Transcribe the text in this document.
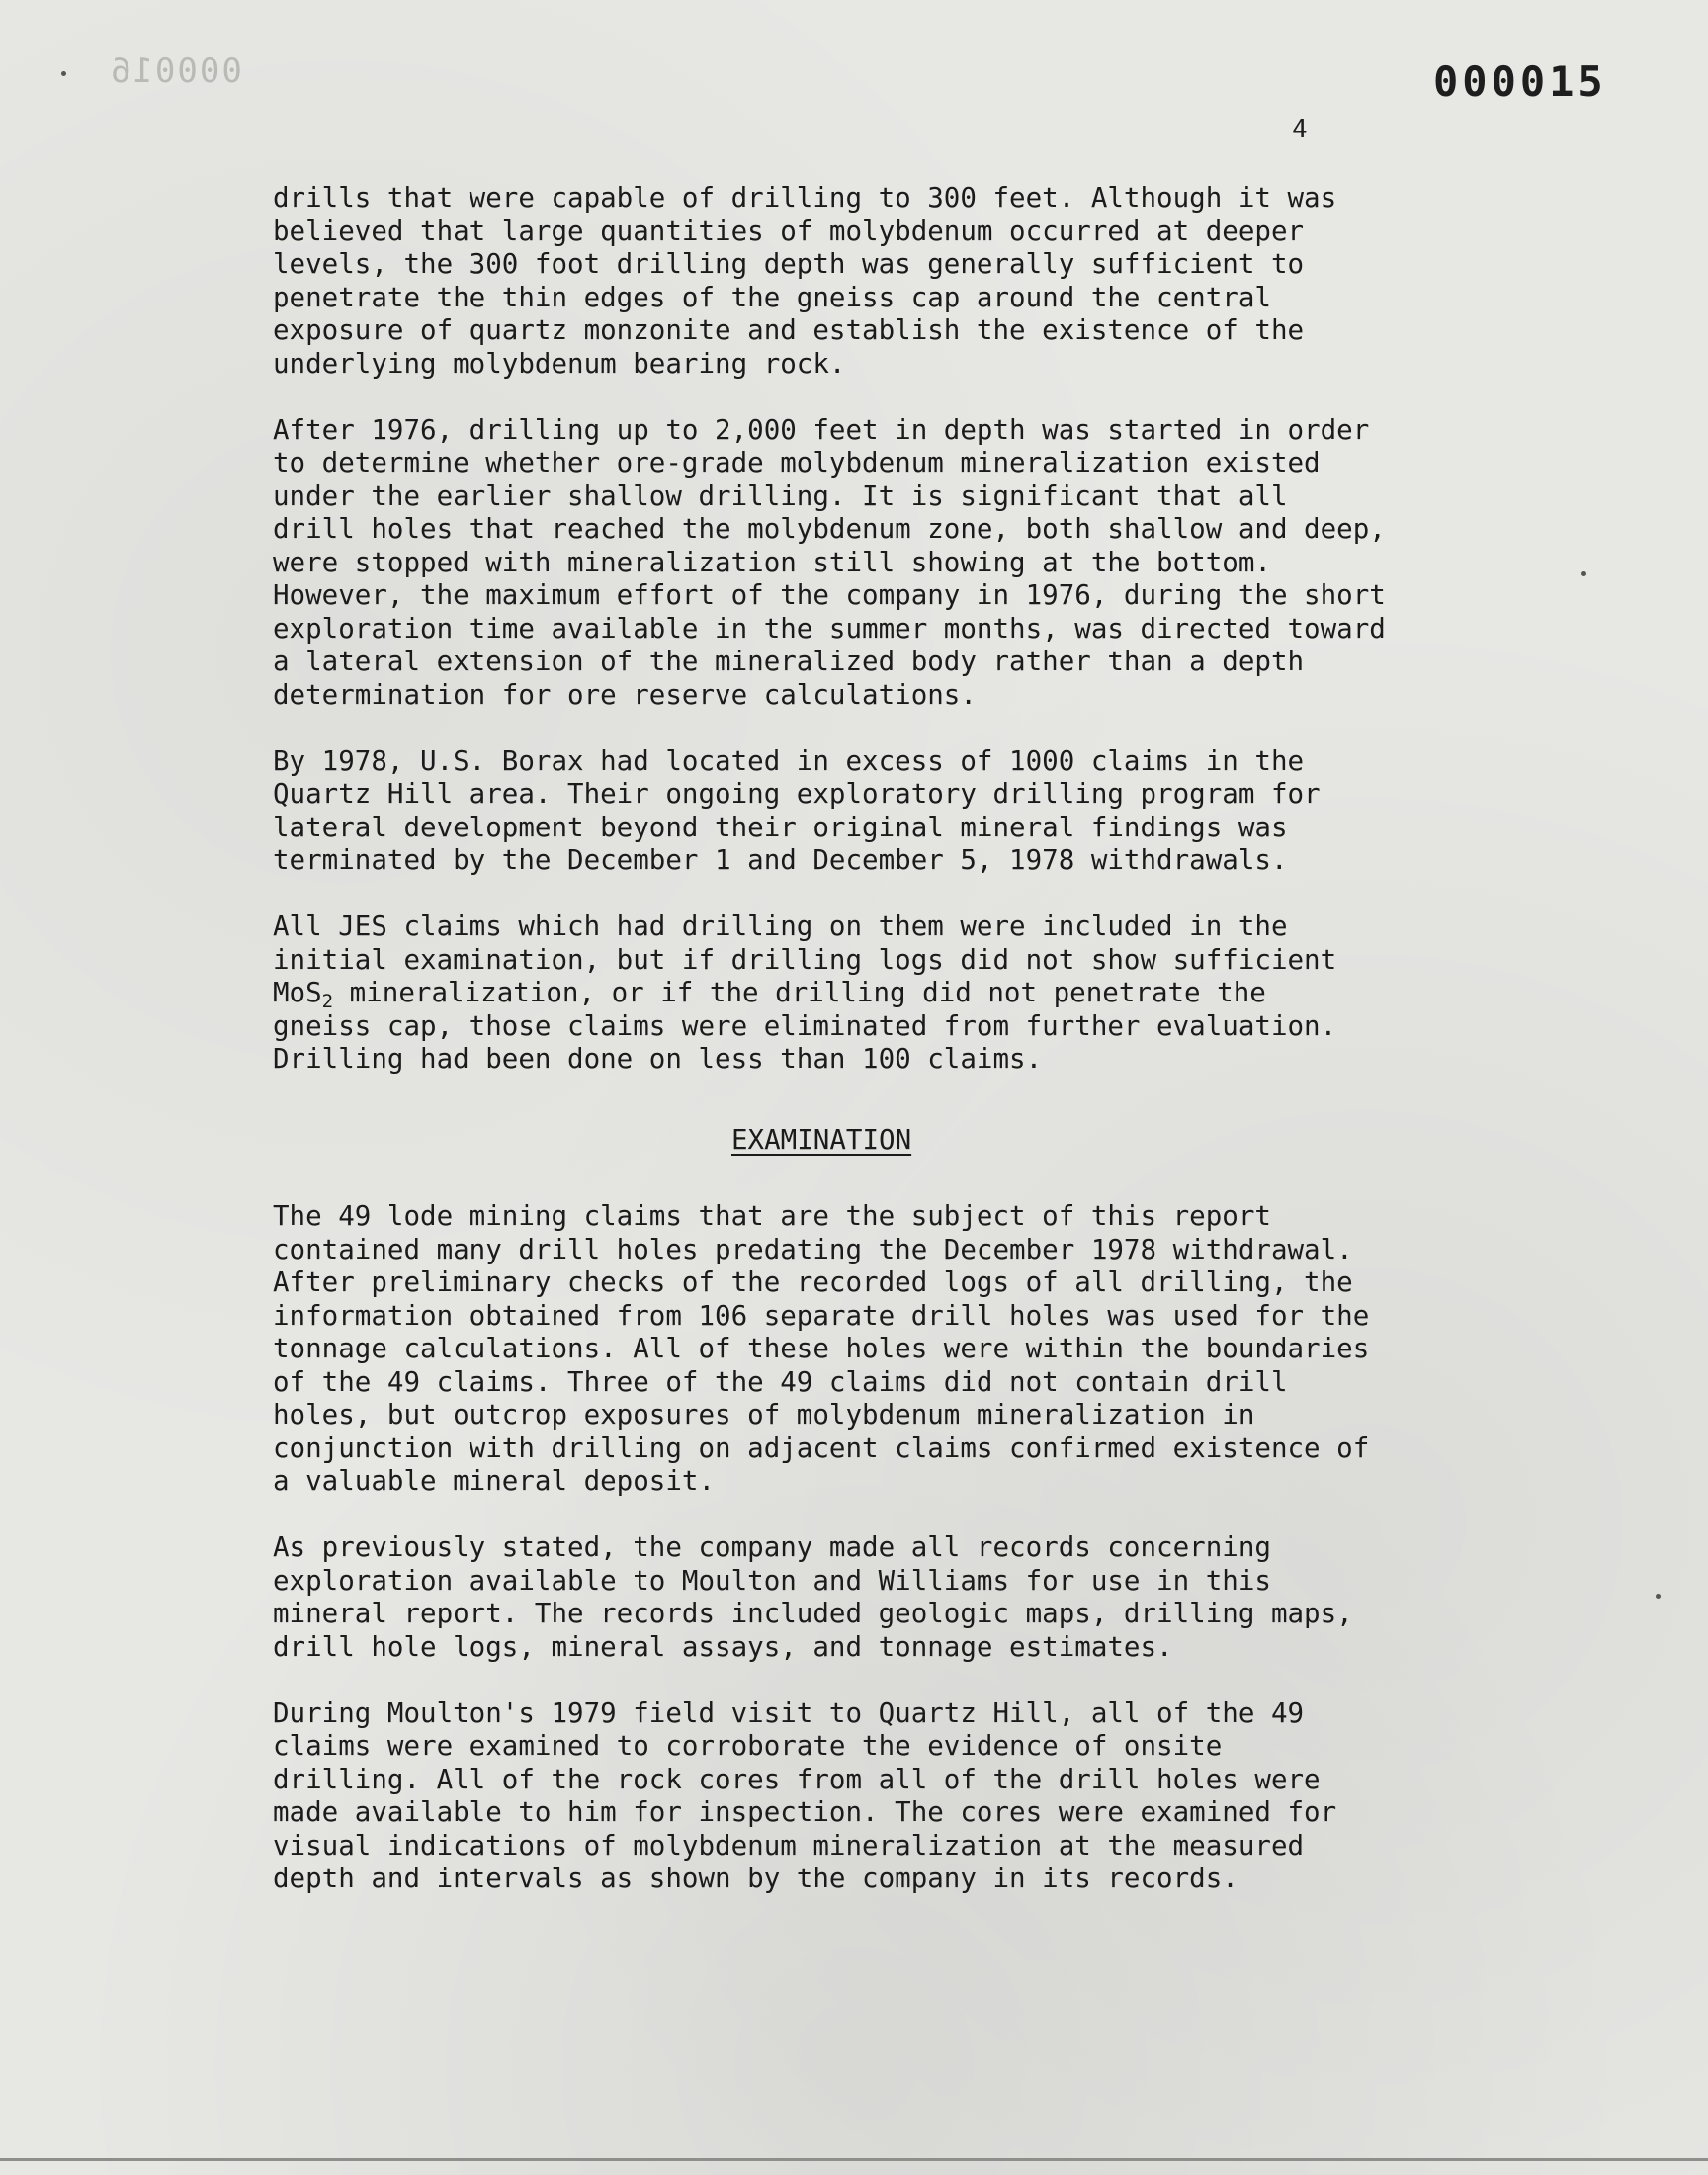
000016	000015
4

drills that were capable of drilling to 300 feet. Although it was
believed that large quantities of molybdenum occurred at deeper
levels, the 300 foot drilling depth was generally sufficient to
penetrate the thin edges of the gneiss cap around the central
exposure of quartz monzonite and establish the existence of the
underlying molybdenum bearing rock.

After 1976, drilling up to 2,000 feet in depth was started in order
to determine whether ore-grade molybdenum mineralization existed
under the earlier shallow drilling. It is significant that all
drill holes that reached the molybdenum zone, both shallow and deep,
were stopped with mineralization still showing at the bottom.
However, the maximum effort of the company in 1976, during the short
exploration time available in the summer months, was directed toward
a lateral extension of the mineralized body rather than a depth
determination for ore reserve calculations.

By 1978, U.S. Borax had located in excess of 1000 claims in the
Quartz Hill area. Their ongoing exploratory drilling program for
lateral development beyond their original mineral findings was
terminated by the December 1 and December 5, 1978 withdrawals.

All JES claims which had drilling on them were included in the
initial examination, but if drilling logs did not show sufficient
MoS$_2$ mineralization, or if the drilling did not penetrate the
gneiss cap, those claims were eliminated from further evaluation.
Drilling had been done on less than 100 claims.

EXAMINATION

The 49 lode mining claims that are the subject of this report
contained many drill holes predating the December 1978 withdrawal.
After preliminary checks of the recorded logs of all drilling, the
information obtained from 106 separate drill holes was used for the
tonnage calculations. All of these holes were within the boundaries
of the 49 claims. Three of the 49 claims did not contain drill
holes, but outcrop exposures of molybdenum mineralization in
conjunction with drilling on adjacent claims confirmed existence of
a valuable mineral deposit.

As previously stated, the company made all records concerning
exploration available to Moulton and Williams for use in this
mineral report. The records included geologic maps, drilling maps,
drill hole logs, mineral assays, and tonnage estimates.

During Moulton's 1979 field visit to Quartz Hill, all of the 49
claims were examined to corroborate the evidence of onsite
drilling. All of the rock cores from all of the drill holes were
made available to him for inspection. The cores were examined for
visual indications of molybdenum mineralization at the measured
depth and intervals as shown by the company in its records.
